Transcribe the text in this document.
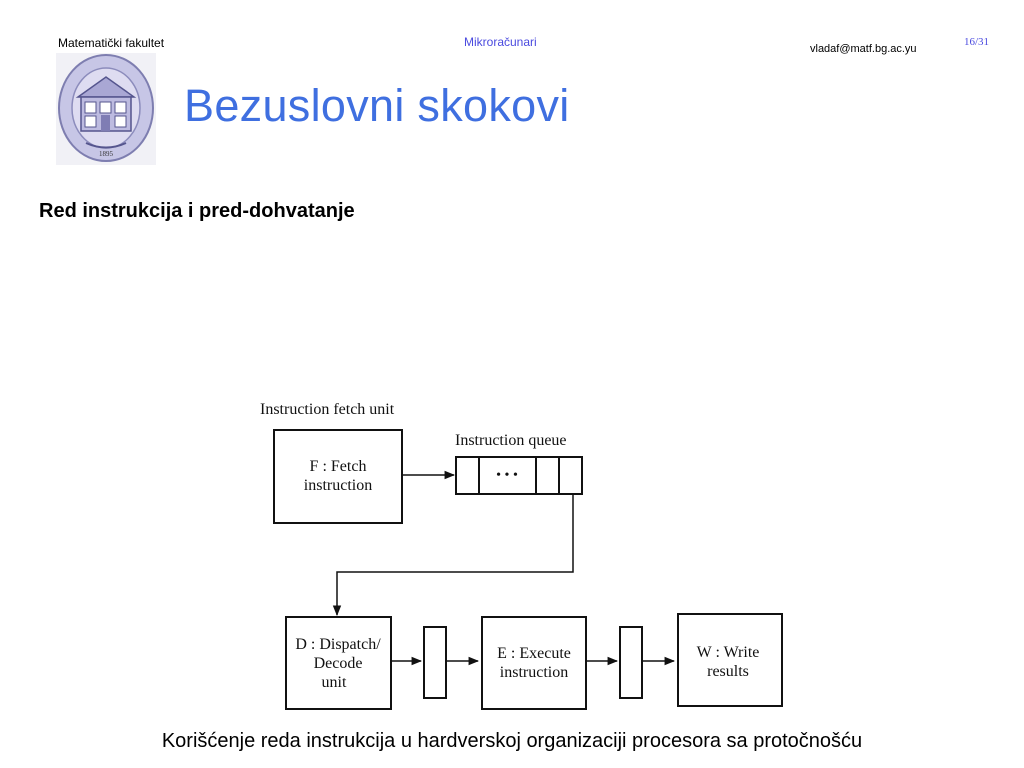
Matematički fakultet	Mikroračunari	vladaf@matf.bg.ac.yu
16/31
1895
Bezuslovni skokovi
Red instrukcija i pred-dohvatanje
Instruction fetch unit
F : Fetch
instruction
Instruction queue
• • •
D : Dispatch/
Decode
unit
E : Execute
instruction
W : Write
results
Korišćenje reda instrukcija u hardverskoj organizaciji procesora sa protočnošću
